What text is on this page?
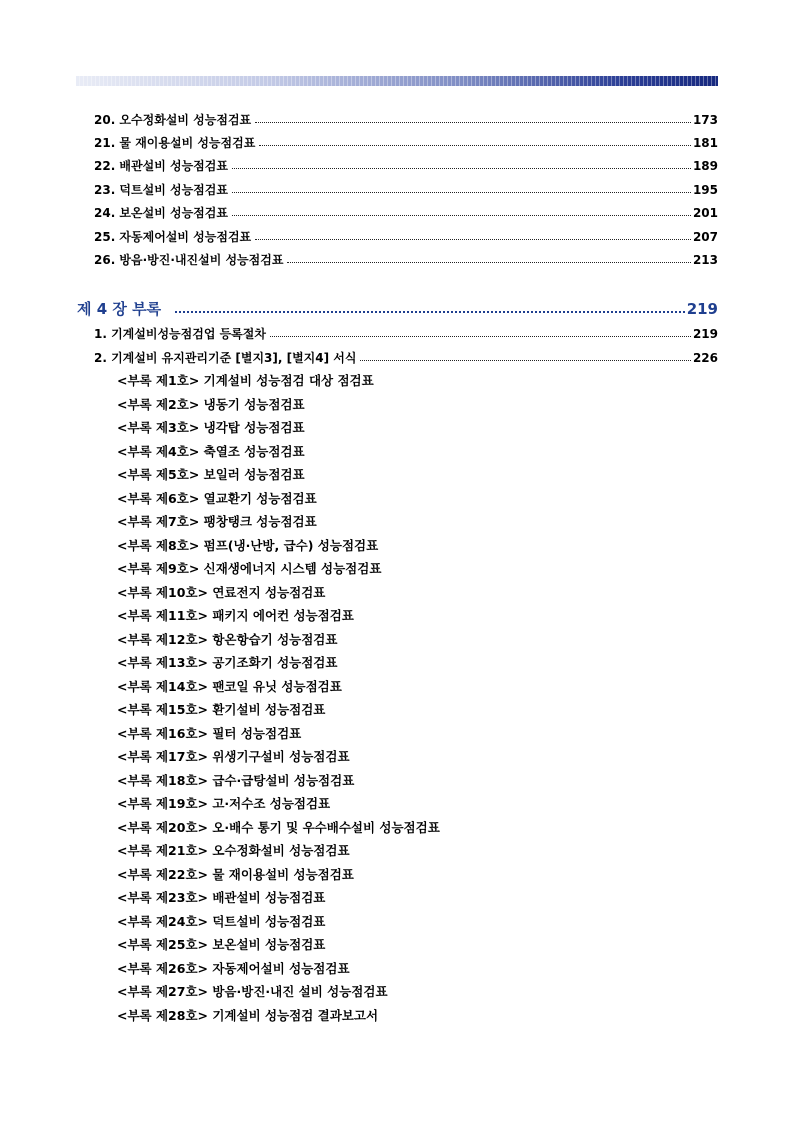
20. 오수정화설비 성능점검표	173
21. 물 재이용설비 성능점검표	181
22. 배관설비 성능점검표	189
23. 덕트설비 성능점검표	195
24. 보온설비 성능점검표	201
25. 자동제어설비 성능점검표	207
26. 방음·방진·내진설비 성능점검표	213
제 4 장 부록	219
1. 기계설비성능점검업 등록절차	219
2. 기계설비 유지관리기준 [별지3], [별지4] 서식	226
<부록 제1호> 기계설비 성능점검 대상 점검표
<부록 제2호> 냉동기 성능점검표
<부록 제3호> 냉각탑 성능점검표
<부록 제4호> 축열조 성능점검표
<부록 제5호> 보일러 성능점검표
<부록 제6호> 열교환기 성능점검표
<부록 제7호> 팽창탱크 성능점검표
<부록 제8호> 펌프(냉·난방, 급수) 성능점검표
<부록 제9호> 신재생에너지 시스템 성능점검표
<부록 제10호> 연료전지 성능점검표
<부록 제11호> 패키지 에어컨 성능점검표
<부록 제12호> 항온항습기 성능점검표
<부록 제13호> 공기조화기 성능점검표
<부록 제14호> 팬코일 유닛 성능점검표
<부록 제15호> 환기설비 성능점검표
<부록 제16호> 필터 성능점검표
<부록 제17호> 위생기구설비 성능점검표
<부록 제18호> 급수·급탕설비 성능점검표
<부록 제19호> 고·저수조 성능점검표
<부록 제20호> 오·배수 통기 및 우수배수설비 성능점검표
<부록 제21호> 오수정화설비 성능점검표
<부록 제22호> 물 재이용설비 성능점검표
<부록 제23호> 배관설비 성능점검표
<부록 제24호> 덕트설비 성능점검표
<부록 제25호> 보온설비 성능점검표
<부록 제26호> 자동제어설비 성능점검표
<부록 제27호> 방음·방진·내진 설비 성능점검표
<부록 제28호> 기계설비 성능점검 결과보고서
